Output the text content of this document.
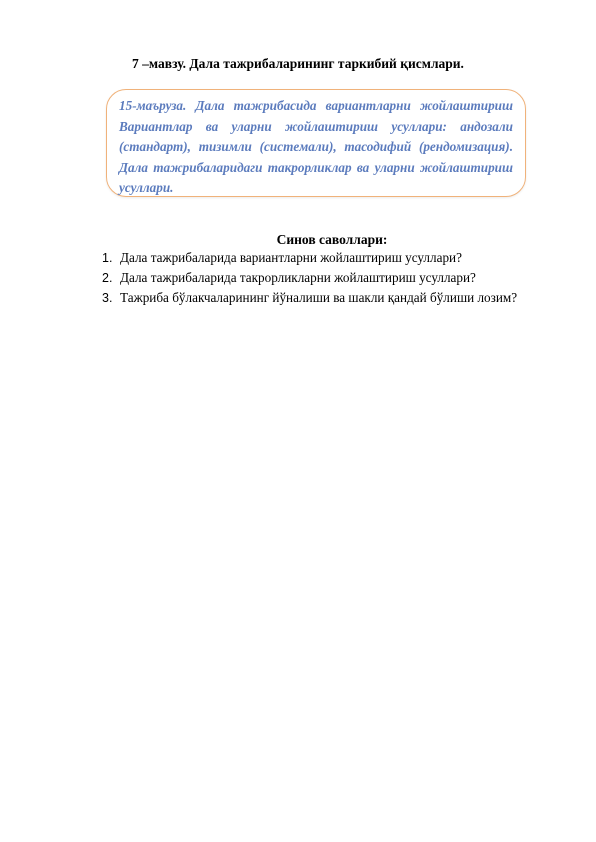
7 –мавзу. Дала тажрибаларининг таркибий қисмлари.

15-маъруза. Дала тажрибасида вариантларни жойлаштириш Вариантлар ва уларни жойлаштириш усуллари: андозали (стандарт), тизимли (систeмали), тасодифий (рендомизация). Дала тажрибаларидаги такрорликлар ва уларни жойлаштириш усуллари.

Синов саволлари:
1. Дала тажрибаларида вариантларни жойлаштириш усуллари?
2. Дала тажрибаларида такрорликларни жойлаштириш усуллари?
3. Тажриба бўлакчаларининг йўналиши ва шакли қандай бўлиши лозим?
